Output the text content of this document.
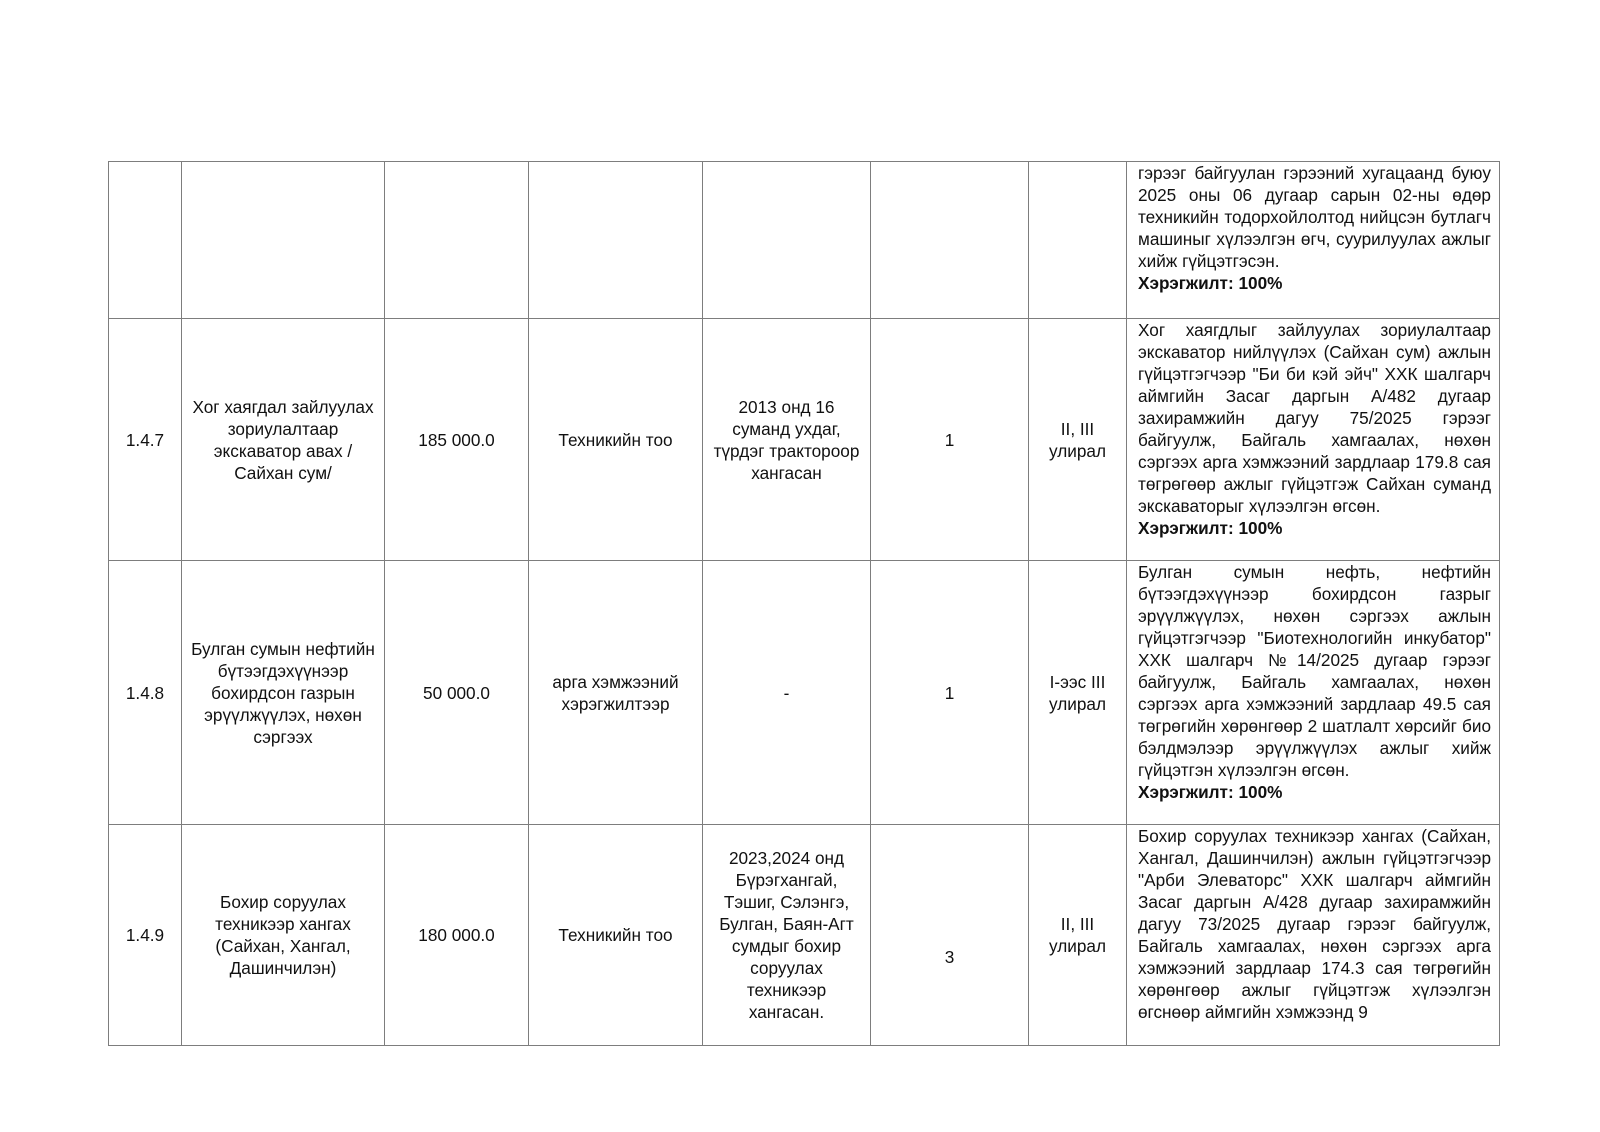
							гэрээг байгуулан гэрээний хугацаанд буюу 2025 оны 06 дугаар сарын 02-ны өдөр техникийн тодорхойлолтод нийцсэн бутлагч машиныг хүлээлгэн өгч, суурилуулах ажлыг хийж гүйцэтгэсэн.
Хэрэгжилт: 100%

1.4.7	Хог хаягдал зайлуулах зориулалтаар экскаватор авах /Сайхан сум/	185 000.0	Техникийн тоо	2013 онд 16 суманд ухдаг, түрдэг трактороор хангасан	1	II, III улирал	Хог хаягдлыг зайлуулах зориулалтаар экскаватор нийлүүлэх (Сайхан сум) ажлын гүйцэтгэгчээр "Би би кэй эйч" ХХК шалгарч аймгийн Засаг даргын А/482 дугаар захирамжийн дагуу 75/2025 гэрээг байгуулж, Байгаль хамгаалах, нөхөн сэргээх арга хэмжээний зардлаар 179.8 сая төгрөгөөр ажлыг гүйцэтгэж Сайхан суманд экскаваторыг хүлээлгэн өгсөн.
Хэрэгжилт: 100%

1.4.8	Булган сумын нефтийн бүтээгдэхүүнээр бохирдсон газрын эрүүлжүүлэх, нөхөн сэргээх	50 000.0	арга хэмжээний хэрэгжилтээр	-	1	I-ээс III улирал	Булган сумын нефть, нефтийн бүтээгдэхүүнээр бохирдсон газрыг эрүүлжүүлэх, нөхөн сэргээх ажлын гүйцэтгэгчээр "Биотехнологийн инкубатор" ХХК шалгарч №14/2025 дугаар гэрээг байгуулж, Байгаль хамгаалах, нөхөн сэргээх арга хэмжээний зардлаар 49.5 сая төгрөгийн хөрөнгөөр 2 шатлалт хөрсийг био бэлдмэлээр эрүүлжүүлэх ажлыг хийж гүйцэтгэн хүлээлгэн өгсөн.
Хэрэгжилт: 100%

1.4.9	Бохир соруулах техникээр хангах (Сайхан, Хангал, Дашинчилэн)	180 000.0	Техникийн тоо	2023,2024 онд Бүрэгхангай, Тэшиг, Сэлэнгэ, Булган, Баян-Агт сумдыг бохир соруулах техникээр хангасан.	3	II, III улирал	Бохир соруулах техникээр хангах (Сайхан, Хангал, Дашинчилэн) ажлын гүйцэтгэгчээр "Арби Элеваторс" ХХК шалгарч аймгийн Засаг даргын А/428 дугаар захирамжийн дагуу 73/2025 дугаар гэрээг байгуулж, Байгаль хамгаалах, нөхөн сэргээх арга хэмжээний зардлаар 174.3 сая төгрөгийн хөрөнгөөр ажлыг гүйцэтгэж хүлээлгэн өгснөөр аймгийн хэмжээнд 9
